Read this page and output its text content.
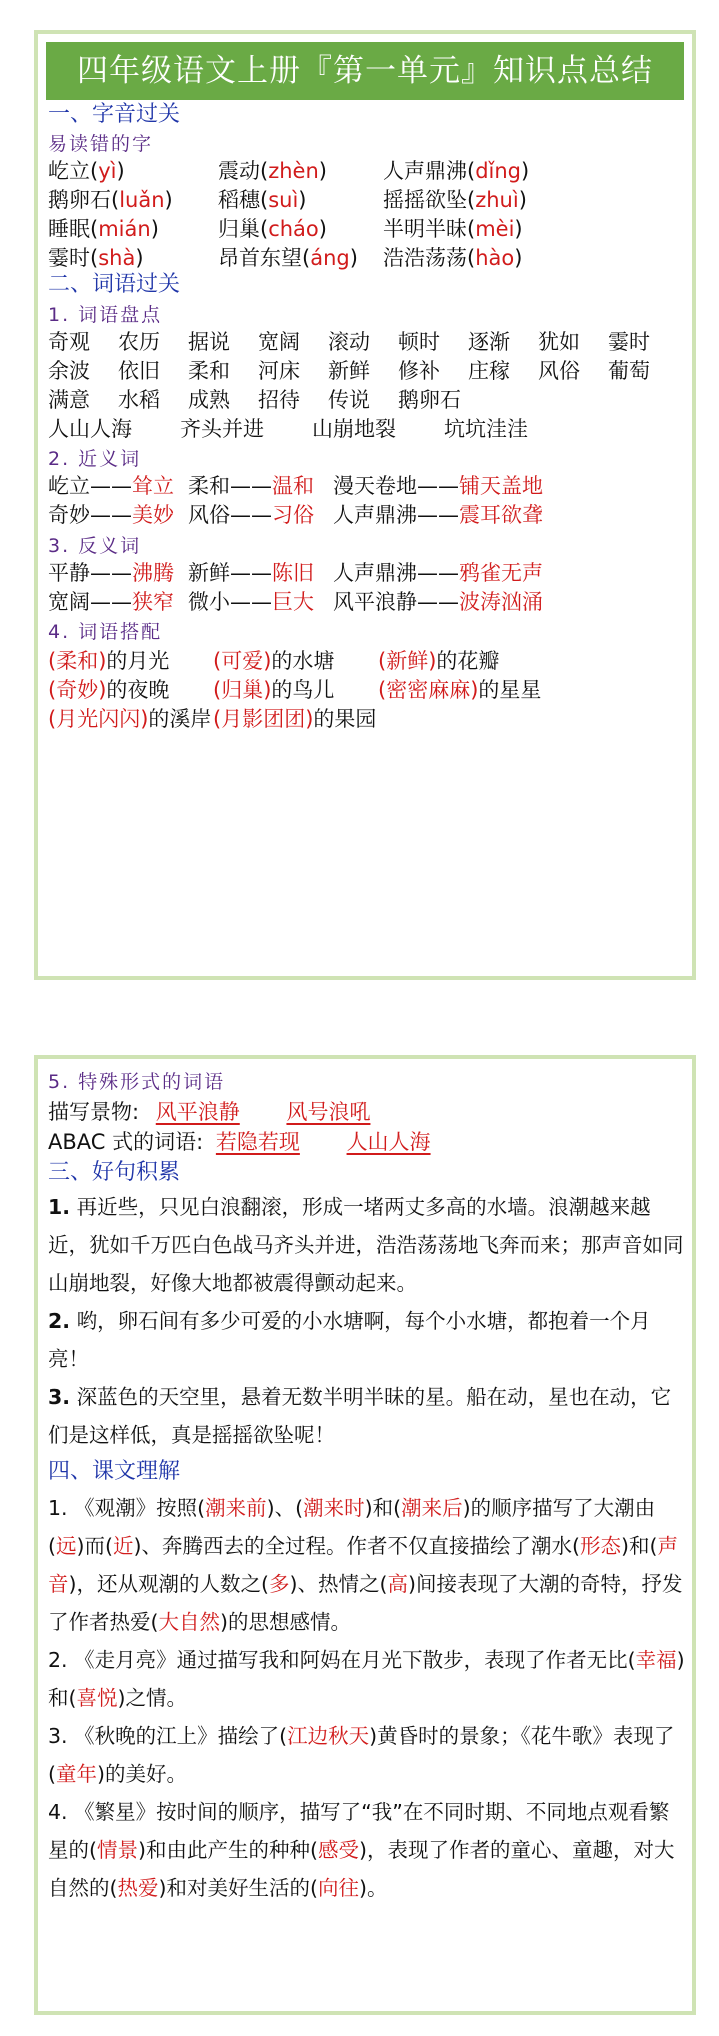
四年级语文上册『第一单元』知识点总结
一、字音过关
易读错的字
屹立(yì)	震动(zhèn)	人声鼎沸(dǐng)
鹅卵石(luǎn) 稻穗(suì)	摇摇欲坠(zhuì)
睡眠(mián)	归巢(cháo)	半明半昧(mèi)
霎时(shà)	昂首东望(áng) 浩浩荡荡(hào)
二、词语过关
1. 词语盘点
奇观 农历 据说 宽阔 滚动 顿时 逐渐 犹如 霎时
余波 依旧 柔和 河床 新鲜 修补 庄稼 风俗 葡萄
满意 水稻 成熟 招待 传说 鹅卵石
人山人海 齐头并进 山崩地裂 坑坑洼洼
2. 近义词
屹立——耸立 柔和——温和 漫天卷地——铺天盖地
奇妙——美妙 风俗——习俗 人声鼎沸——震耳欲聋
3. 反义词
平静——沸腾 新鲜——陈旧 人声鼎沸——鸦雀无声
宽阔——狭窄 微小——巨大 风平浪静——波涛汹涌
4. 词语搭配
(柔和)的月光 (可爱)的水塘 (新鲜)的花瓣
(奇妙)的夜晚 (归巢)的鸟儿 (密密麻麻)的星星
(月光闪闪)的溪岸 (月影团团)的果园
5. 特殊形式的词语
描写景物: 风平浪静 风号浪吼
ABAC 式的词语: 若隐若现 人山人海
三、好句积累
1. 再近些，只见白浪翻滚，形成一堵两丈多高的水墙。浪潮越来越近，犹如千万匹白色战马齐头并进，浩浩荡荡地飞奔而来；那声音如同山崩地裂，好像大地都被震得颤动起来。
2. 哟，卵石间有多少可爱的小水塘啊，每个小水塘，都抱着一个月亮！
3. 深蓝色的天空里，悬着无数半明半昧的星。船在动，星也在动，它们是这样低，真是摇摇欲坠呢！
四、课文理解
1. 《观潮》按照(潮来前)、(潮来时)和(潮来后)的顺序描写了大潮由(远)而(近)、奔腾西去的全过程。作者不仅直接描绘了潮水(形态)和(声音)，还从观潮的人数之(多)、热情之(高)间接表现了大潮的奇特，抒发了作者热爱(大自然)的思想感情。
2. 《走月亮》通过描写我和阿妈在月光下散步，表现了作者无比(幸福)和(喜悦)之情。
3. 《秋晚的江上》描绘了(江边秋天)黄昏时的景象；《花牛歌》表现了(童年)的美好。
4. 《繁星》按时间的顺序，描写了“我”在不同时期、不同地点观看繁星的(情景)和由此产生的种种(感受)，表现了作者的童心、童趣，对大自然的(热爱)和对美好生活的(向往)。
